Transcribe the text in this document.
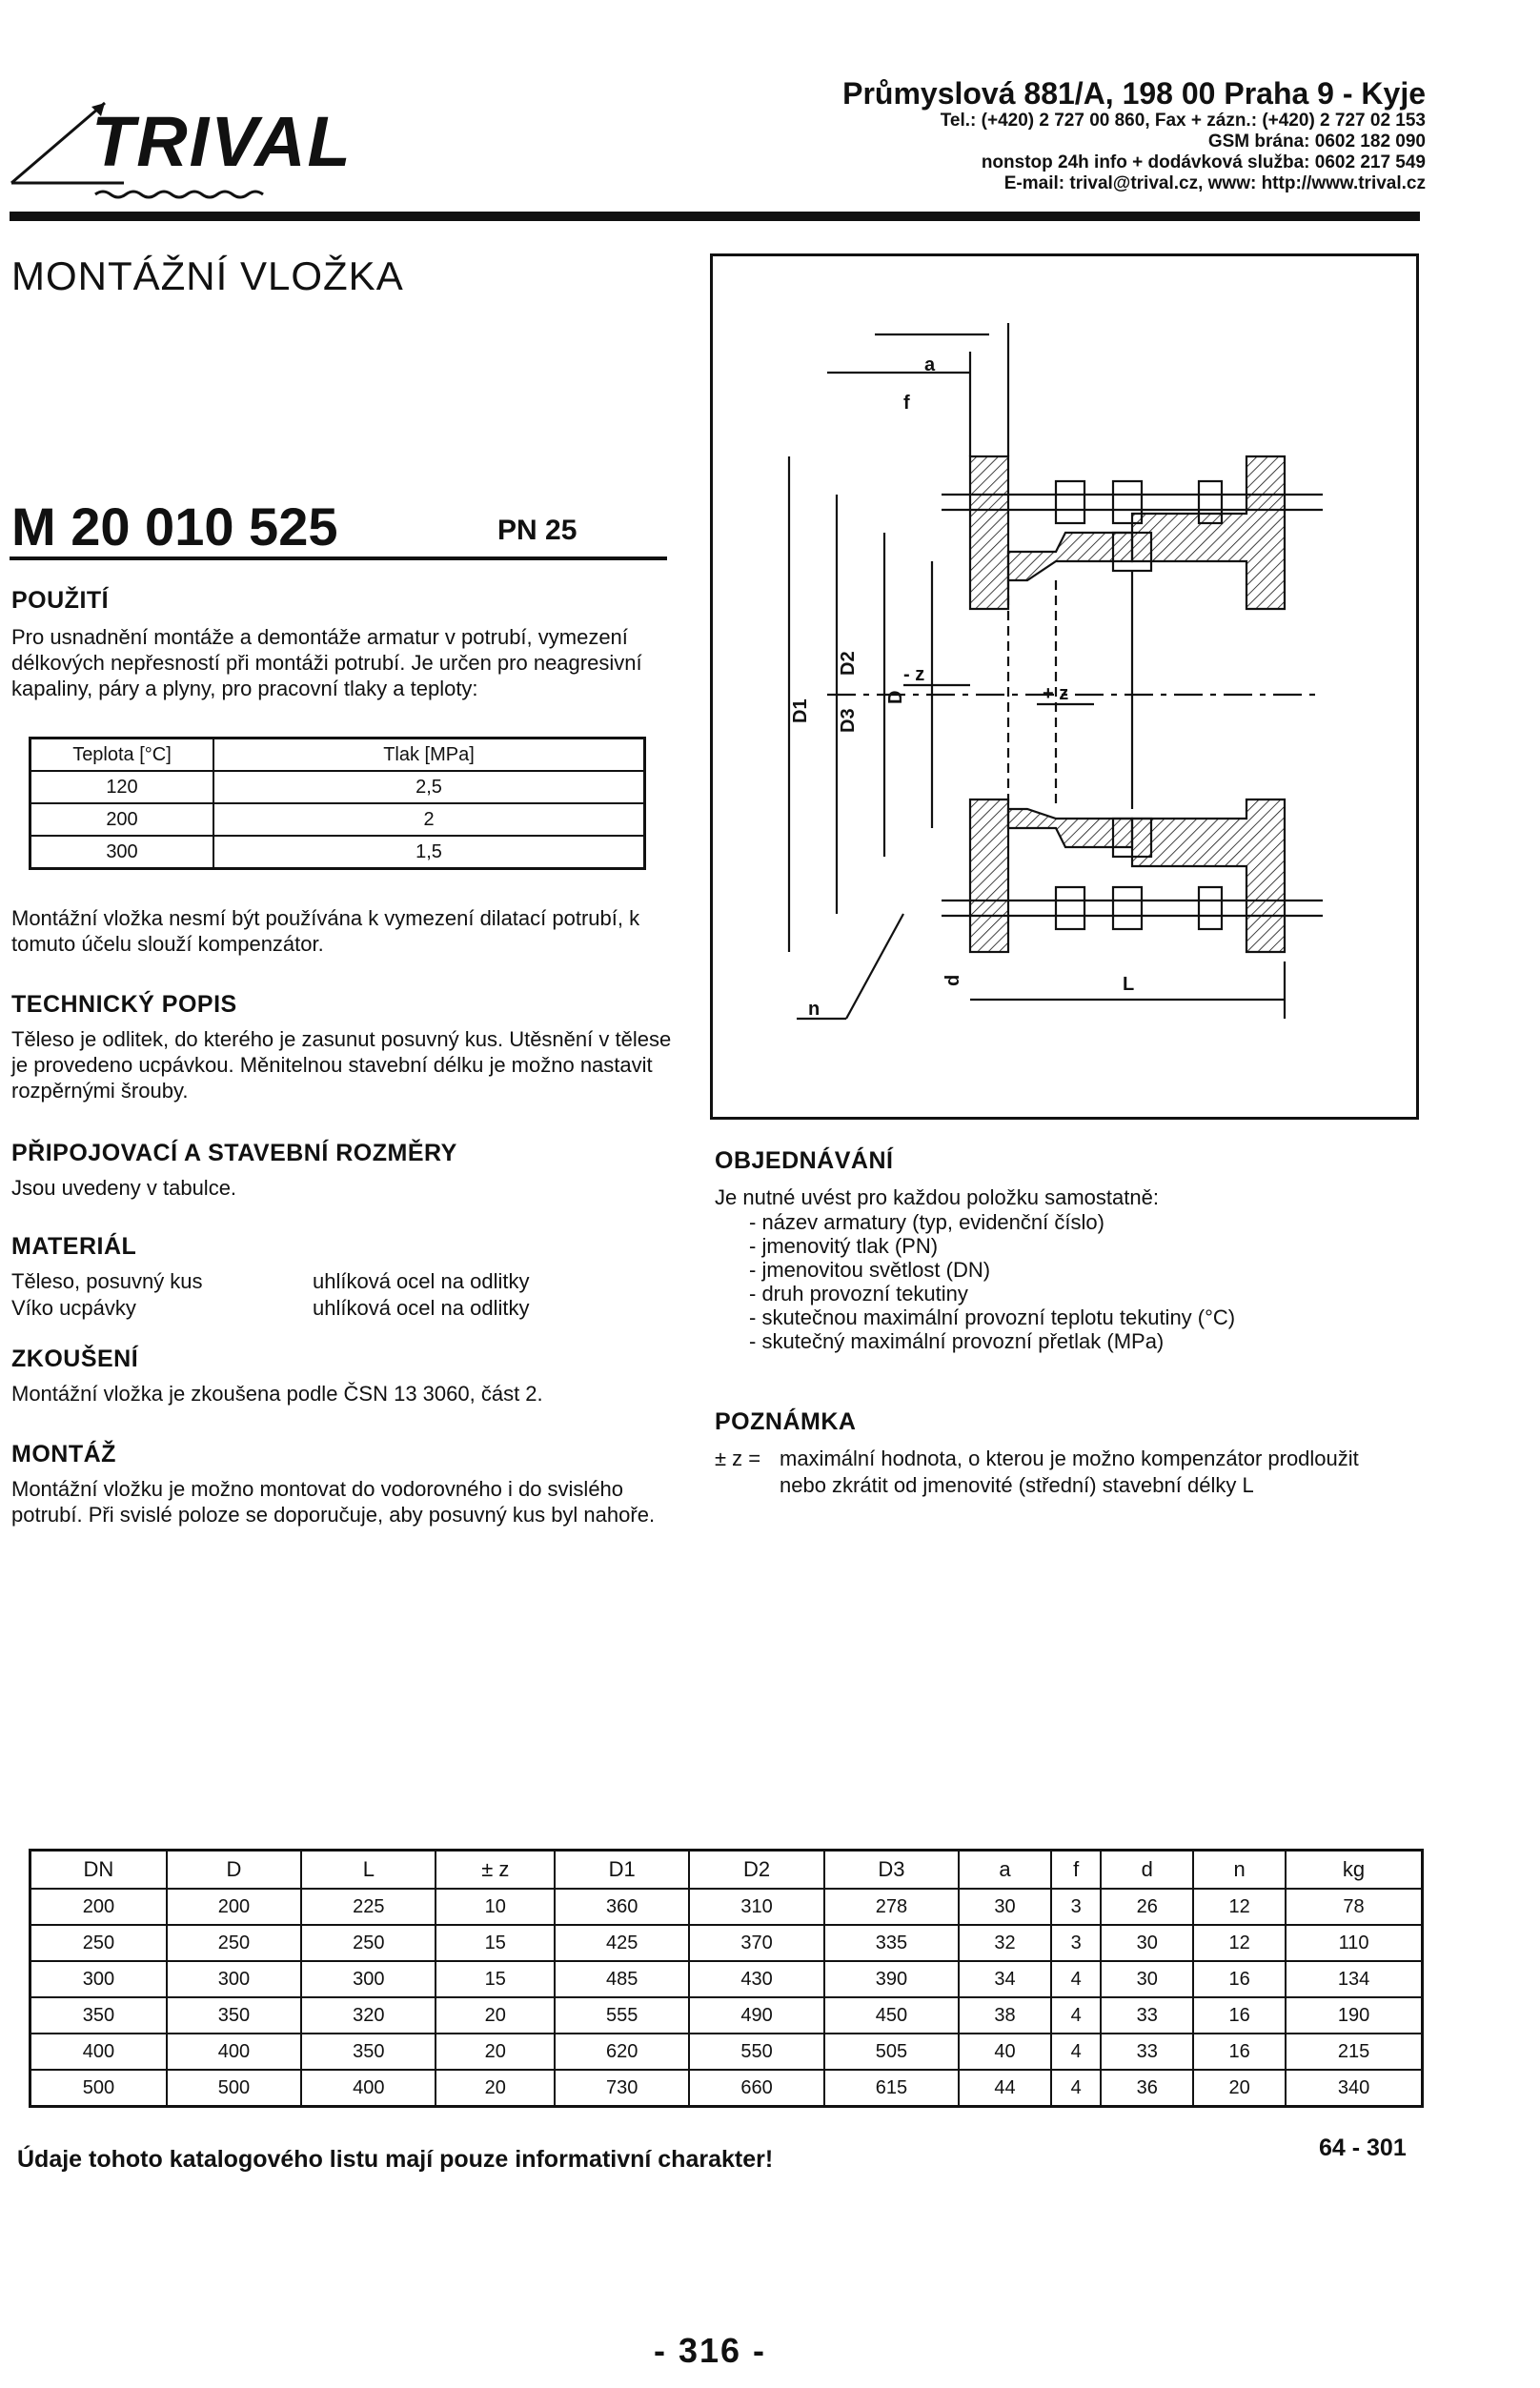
TRIVAL
Průmyslová 881/A, 198 00 Praha 9 - Kyje
Tel.: (+420) 2 727 00 860, Fax + zázn.: (+420) 2 727 02 153
GSM brána: 0602 182 090
nonstop 24h info + dodávková služba: 0602 217 549
E-mail: trival@trival.cz, www: http://www.trival.cz
MONTÁŽNÍ VLOŽKA
M 20 010 525	PN 25
POUŽITÍ

Pro usnadnění montáže a demontáže armatur v potrubí, vymezení délkových nepřesností při montáži potrubí. Je určen pro neagresivní kapaliny, páry a plyny, pro pracovní tlaky a teploty:

Teplota [°C]	Tlak [MPa]
120	2,5
200	2
300	1,5

Montážní vložka nesmí být používána k vymezení dilatací potrubí, k tomuto účelu slouží kompenzátor.

TECHNICKÝ POPIS

Těleso je odlitek, do kterého je zasunut posuvný kus. Utěsnění v tělese je provedeno ucpávkou. Měnitelnou stavební délku je možno nastavit rozpěrnými šrouby.

PŘIPOJOVACÍ A STAVEBNÍ ROZMĚRY

Jsou uvedeny v tabulce.

MATERIÁL
Těleso, posuvný kus	uhlíková ocel na odlitky
Víko ucpávky	uhlíková ocel na odlitky
ZKOUŠENÍ

Montážní vložka je zkoušena podle ČSN 13 3060, část 2.

MONTÁŽ

Montážní vložku je možno montovat do vodorovného i do svislého potrubí. Při svislé poloze se doporučuje, aby posuvný kus byl nahoře.

a
f
D1
D2
D3
D
- z
+ z
n
d	L
OBJEDNÁVÁNÍ

Je nutné uvést pro každou položku samostatně:

- název armatury (typ, evidenční číslo)
- jmenovitý tlak (PN)
- jmenovitou světlost (DN)
- druh provozní tekutiny
- skutečnou maximální provozní teplotu tekutiny (°C)
- skutečný maximální provozní přetlak (MPa)
POZNÁMKA
± z = maximální hodnota, o kterou je možno kompenzátor prodloužit
nebo zkrátit od jmenovité (střední) stavební délky L
DN	D	L	± z	D1	D2	D3	a	f	d	n	kg
200	200	225	10	360	310	278	30	3	26	12	78
250	250	250	15	425	370	335	32	3	30	12	110
300	300	300	15	485	430	390	34	4	30	16	134
350	350	320	20	555	490	450	38	4	33	16	190
400	400	350	20	620	550	505	40	4	33	16	215
500	500	400	20	730	660	615	44	4	36	20	340
Údaje tohoto katalogového listu mají pouze informativní charakter!	64 - 301
- 316 -
